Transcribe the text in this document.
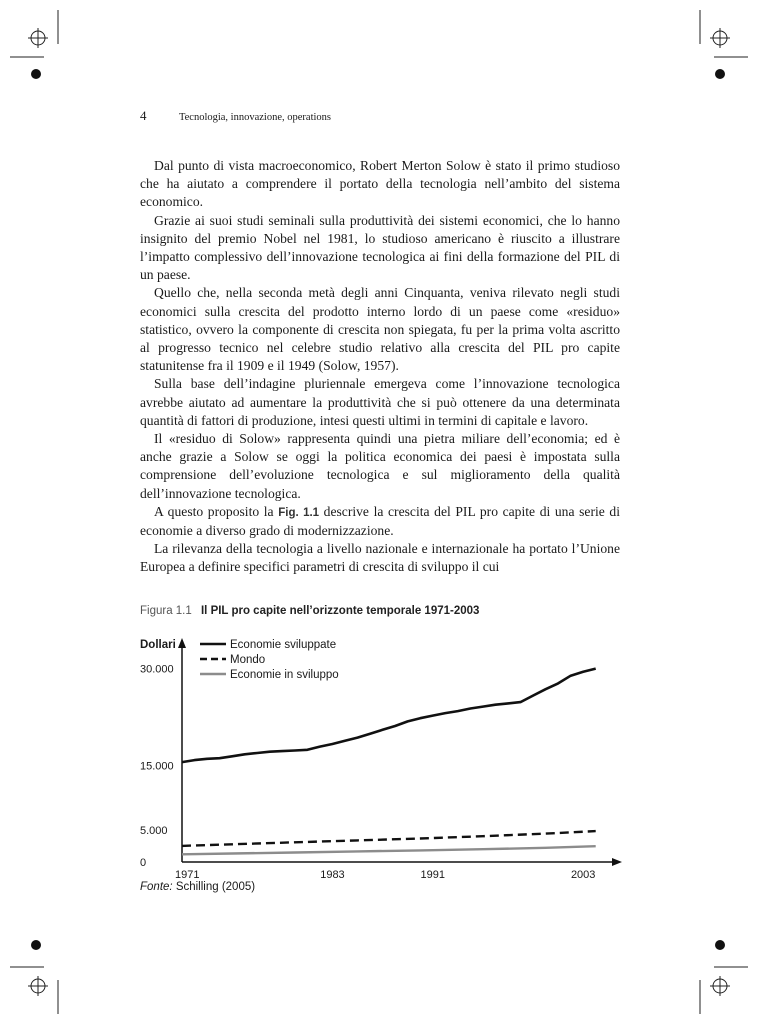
4	Tecnologia, innovazione, operations

Dal punto di vista macroeconomico, Robert Merton Solow è stato il primo studioso che ha aiutato a comprendere il portato della tecnologia nell’ambito del sistema economico.

Grazie ai suoi studi seminali sulla produttività dei sistemi economici, che lo hanno insignito del premio Nobel nel 1981, lo studioso americano è riuscito a illustrare l’impatto complessivo dell’innovazione tecnologica ai fini della formazione del PIL di un paese.

Quello che, nella seconda metà degli anni Cinquanta, veniva rilevato negli studi economici sulla crescita del prodotto interno lordo di un paese come «residuo» statistico, ovvero la componente di crescita non spiegata, fu per la prima volta ascritto al progresso tecnico nel celebre studio relativo alla crescita del PIL pro capite statunitense fra il 1909 e il 1949 (Solow, 1957).

Sulla base dell’indagine pluriennale emergeva come l’innovazione tecnologica avrebbe aiutato ad aumentare la produttività che si può ottenere da una determinata quantità di fattori di produzione, intesi questi ultimi in termini di capitale e lavoro.

Il «residuo di Solow» rappresenta quindi una pietra miliare dell’economia; ed è anche grazie a Solow se oggi la politica economica dei paesi è impostata sulla comprensione dell’evoluzione tecnologica e sul miglioramento della qualità dell’innovazione tecnologica.

A questo proposito la Fig. 1.1 descrive la crescita del PIL pro capite di una serie di economie a diverso grado di modernizzazione.

La rilevanza della tecnologia a livello nazionale e internazionale ha portato l’Unione Europea a definire specifici parametri di crescita di sviluppo il cui

Figura 1.1 Il PIL pro capite nell’orizzonte temporale 1971-2003
Dollari
0
5.000
15.000
30.000
1971	1983	1991	2003
Economie sviluppate
Mondo
Economie in sviluppo
Fonte: Schilling (2005)
